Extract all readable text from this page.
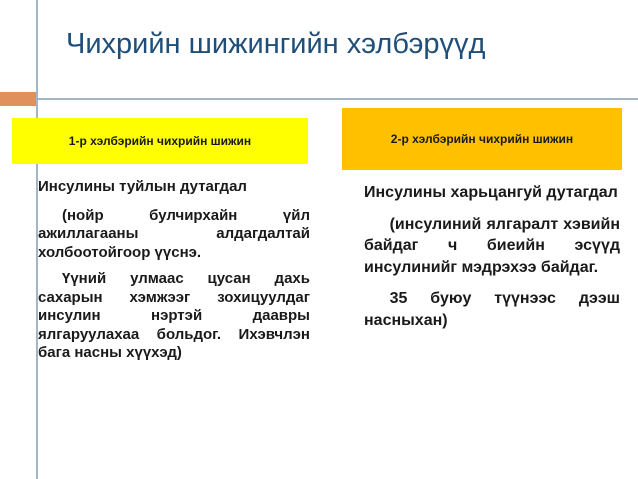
Чихрийн шижингийн хэлбэрүүд
1-р хэлбэрийн чихрийн шижин	2-р хэлбэрийн чихрийн шижин

Инсулины туйлын дутагдал

(нойр булчирхайн үйл ажиллагааны алдагдалтай холбоотойгоор үүснэ.

Үүний улмаас цусан дахь сахарын хэмжээг зохицуулдаг инсулин нэртэй даавры ялгаруулахаа больдог. Ихэвчлэн бага насны хүүхэд)

Инсулины харьцангуй дутагдал

(инсулиний ялгаралт хэвийн байдаг ч биеийн эсүүд инсулинийг мэдрэхээ байдаг.

35 буюу түүнээс дээш насныхан)
